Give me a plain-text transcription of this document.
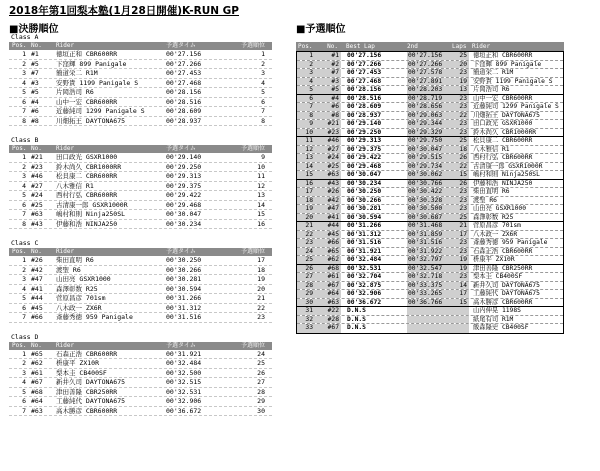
2018年第1回梨本塾(1月28日開催)K-RUN GP
■決勝順位
Class A
Pos. No. Rider	予選タイム	予選順位
1 #1	徳垣正和 CBR600RR	00'27.156	1
2 #5	下窪輝 899 Panigale	00'27.266	2
3 #7	簡道栄二 R1M	00'27.453	3
4 #3	安野貴 1199 Panigale S	00'27.468	4
5 #5	片岡浩司 R6	00'28.156	5
6 #4	山中一宏 CBR600RR	00'28.516	6
7 #6	近藤純司 1299 Panigale S	00'28.609	7
8 #8	川畑拓王 DAYTONA675	00'28.937	8
Class B
Pos. No. Rider	予選タイム	予選順位
1 #21 田口政光 GSXR1000	00'29.140	9
2 #23 鈴木尚久 CBR1000RR	00'29.250	10
3 #46 松貝康二 CBR600RR	00'29.313	11
4 #27 八木雅信 R1	00'29.375	12
5 #24 西村行弘 CBR600RR	00'29.422	13
6 #25 古清康一郎 GSXR1000R	00'29.468	14
7 #63 嶋村和則 Ninja250SL	00'30.047	15
8 #43 伊藤和浩 NINJA250	00'30.234	16
Class C
Pos. No. Rider	予選タイム	予選順位
1 #26 柴田直明 R6	00'30.250	17
2 #42 渡聖 R6	00'30.266	18
3 #47 山田亮 GSXR1000	00'30.281	19
4 #41 森澤彰数 R25	00'30.594	20
5 #44 菅原昌彦 701sm	00'31.266	21
6 #45 八木政一 ZX6R	00'31.312	22
7 #66 斎藤秀徳 959 Panigale	00'31.516	23
Class D
Pos. No. Rider	予選タイム	予選順位
1 #65 石森正浩 CBR600RR	00'31.921	24
2 #62 枡康平 ZX10R	00'32.484	25
3 #61 梨本圭 CB400SF	00'32.500	26
4 #67 新井久司 DAYTONA675	00'32.515	27
5 #68 津田善隆 CBR250RR	00'32.531	28
6 #64 工藤純代 DAYTONA675	00'32.906	29
7 #63 高木勝彦 CBR600RR	00'36.672	30
■予選順位
Pos.	No. Best Lap	2nd	Laps Rider
1	#1 00'27.156	00'27.156	25 徳垣正和 CBR600RR
2	#2 00'27.266	00'27.266	20 下窪輝 899 Panigale
3	#7 00'27.453	00'27.578	23 簡道栄二 R1M
4	#3 00'27.468	00'27.891	19 安野貴 1199 Panigale S
5	#5 00'28.156	00'28.203	13 片岡浩司 R6
6	#4 00'28.516	00'28.719	23 山中一宏 CBR600RR
7	#6 00'28.609	00'28.656	23 近藤純司 1299 Panigale S
8	#8 00'28.937	00'29.063	22 川畑拓王 DAYTONA675
9	#21 00'29.140	00'29.344	23 田口政光 GSXR1000
10	#23 00'29.250	00'29.329	23 鈴木尚久 CBR1000RR
11	#46 00'29.313	00'29.750	25 松貝康二 CBR600RR
12	#27 00'29.375	00'30.047	18 八木雅信 R1
13	#24 00'29.422	00'29.515	26 西村行弘 CBR600RR
14	#25 00'29.468	00'29.734	22 古清康一郎 GSXR1000R
15	#63 00'30.047	00'30.062	15 嶋村和則 Ninja250SL
16	#43 00'30.234	00'30.766	26 伊藤和浩 NINJA250
17	#26 00'30.250	00'30.422	23 柴田直明 R6
18	#42 00'30.266	00'30.328	23 渡聖 R6
19	#47 00'30.281	00'30.500	23 山田亮 GSXR1000
20	#41 00'30.594	00'30.687	25 森澤彰数 R25
21	#44 00'31.266	00'31.468	21 菅原昌彦 701sm
22	#45 00'31.312	00'31.859	17 八木政一 ZX6R
23	#66 00'31.516	00'31.516	23 斎藤秀徳 959 Panigale
24	#65 00'31.921	00'31.922	23 石森正浩 CBR600RR
25	#62 00'32.484	00'32.797	19 枡康平 ZX10R
26	#68 00'32.531	00'32.547	19 津田善隆 CBR250RR
27	#61 00'32.704	00'32.718	23 梨本圭 CB400SF
28	#67 00'32.875	00'33.375	14 新井久司 DAYTONA675
29	#64 00'32.906	00'33.265	17 工藤純代 DAYTONA675
30	#63 00'36.672	00'36.766	15 高木勝彦 CBR600RR
31	#22 D.N.S	山内伸晃 1198S
32	#28 D.N.S	紙尾有司 R1M
33	#67 D.N.S	飯森隆史 CB400SF
